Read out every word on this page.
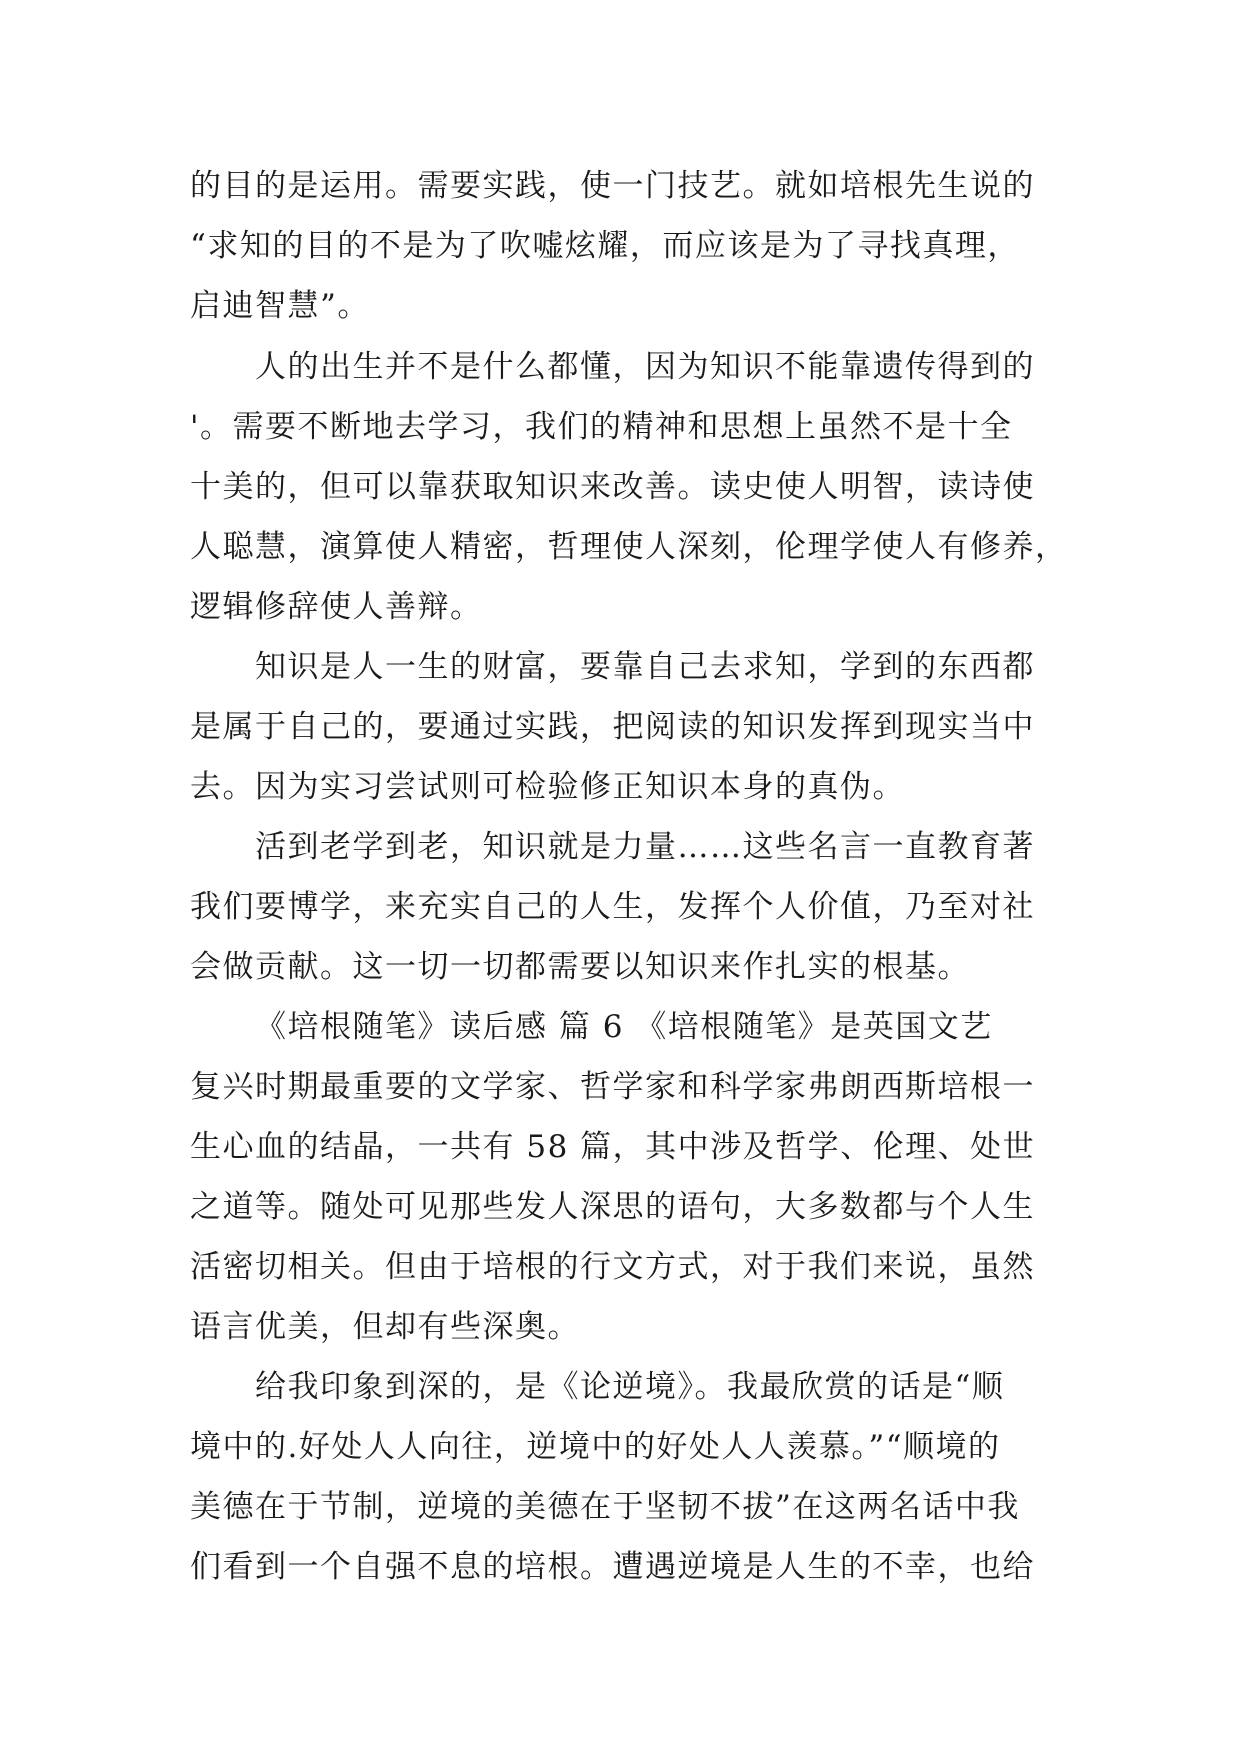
的目的是运用。需要实践，使一门技艺。就如培根先生说的
“求知的目的不是为了吹嘘炫耀，而应该是为了寻找真理，
启迪智慧”。
人的出生并不是什么都懂，因为知识不能靠遗传得到的
'。需要不断地去学习，我们的精神和思想上虽然不是十全
十美的，但可以靠获取知识来改善。读史使人明智，读诗使
人聪慧，演算使人精密，哲理使人深刻，伦理学使人有修养，
逻辑修辞使人善辩。
知识是人一生的财富，要靠自己去求知，学到的东西都
是属于自己的，要通过实践，把阅读的知识发挥到现实当中
去。因为实习尝试则可检验修正知识本身的真伪。
活到老学到老，知识就是力量……这些名言一直教育著
我们要博学，来充实自己的人生，发挥个人价值，乃至对社
会做贡献。这一切一切都需要以知识来作扎实的根基。
《培根随笔》读后感 篇 6 《培根随笔》是英国文艺
复兴时期最重要的文学家、哲学家和科学家弗朗西斯培根一
生心血的结晶，一共有 58 篇，其中涉及哲学、伦理、处世
之道等。随处可见那些发人深思的语句，大多数都与个人生
活密切相关。但由于培根的行文方式，对于我们来说，虽然
语言优美，但却有些深奥。
给我印象到深的，是《论逆境》。我最欣赏的话是“顺
境中的.好处人人向往，逆境中的好处人人羡慕。”“顺境的
美德在于节制，逆境的美德在于坚韧不拔”在这两名话中我
们看到一个自强不息的培根。遭遇逆境是人生的不幸，也给
